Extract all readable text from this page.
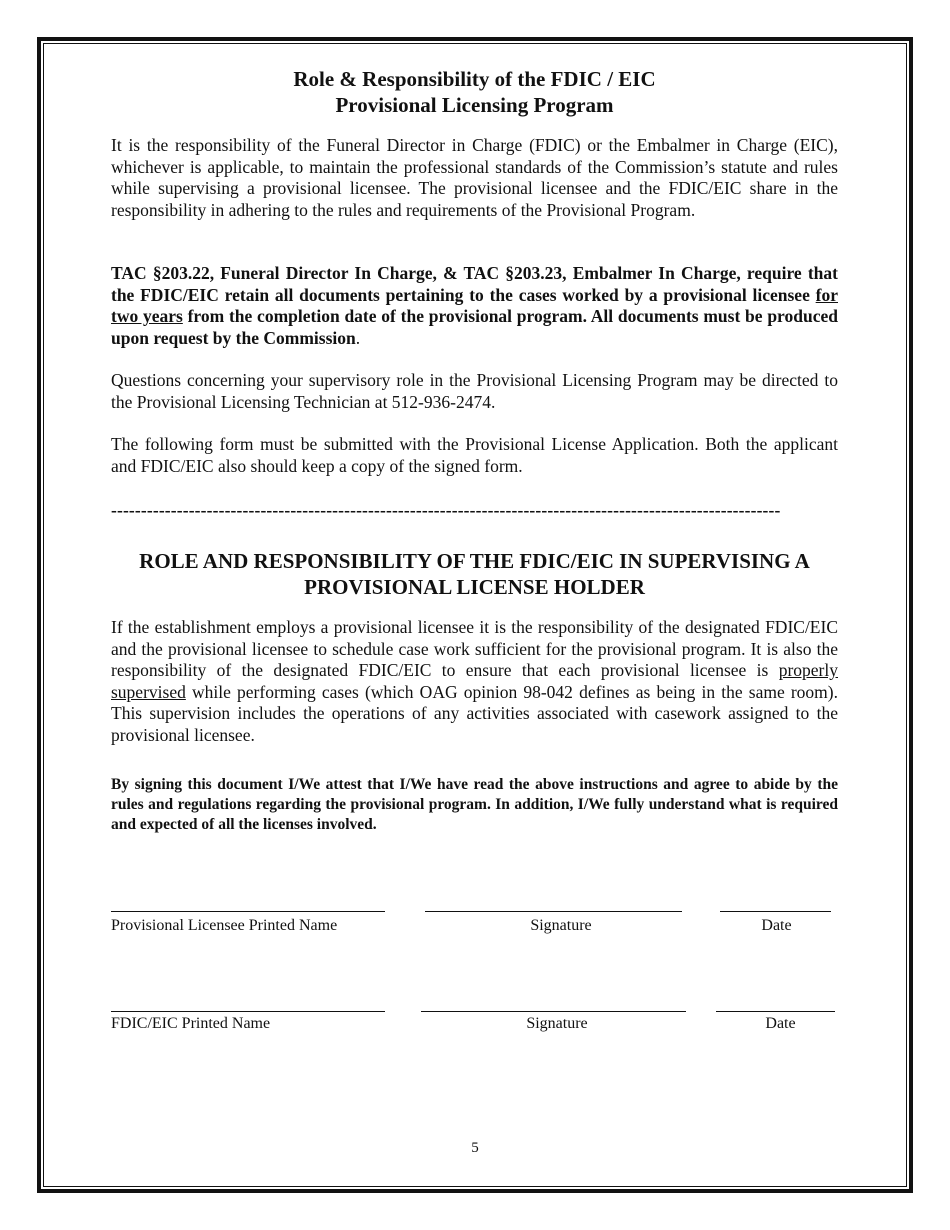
Role & Responsibility of the FDIC / EIC
Provisional Licensing Program

It is the responsibility of the Funeral Director in Charge (FDIC) or the Embalmer in Charge (EIC), whichever is applicable, to maintain the professional standards of the Commission’s statute and rules while supervising a provisional licensee. The provisional licensee and the FDIC/EIC share in the responsibility in adhering to the rules and requirements of the Provisional Program.

TAC §203.22, Funeral Director In Charge, & TAC §203.23, Embalmer In Charge, require that the FDIC/EIC retain all documents pertaining to the cases worked by a provisional licensee for two years from the completion date of the provisional program. All documents must be produced upon request by the Commission.

Questions concerning your supervisory role in the Provisional Licensing Program may be directed to the Provisional Licensing Technician at 512-936-2474.

The following form must be submitted with the Provisional License Application. Both the applicant and FDIC/EIC also should keep a copy of the signed form.

----------------------------------------------------------------------------------------------------------------
ROLE AND RESPONSIBILITY OF THE FDIC/EIC IN SUPERVISING A
PROVISIONAL LICENSE HOLDER

If the establishment employs a provisional licensee it is the responsibility of the designated FDIC/EIC and the provisional licensee to schedule case work sufficient for the provisional program. It is also the responsibility of the designated FDIC/EIC to ensure that each provisional licensee is properly supervised while performing cases (which OAG opinion 98-042 defines as being in the same room). This supervision includes the operations of any activities associated with casework assigned to the provisional licensee.

By signing this document I/We attest that I/We have read the above instructions and agree to abide by the rules and regulations regarding the provisional program. In addition, I/We fully understand what is required and expected of all the licenses involved.

Provisional Licensee Printed Name	Signature	Date
FDIC/EIC Printed Name	Signature	Date
5
